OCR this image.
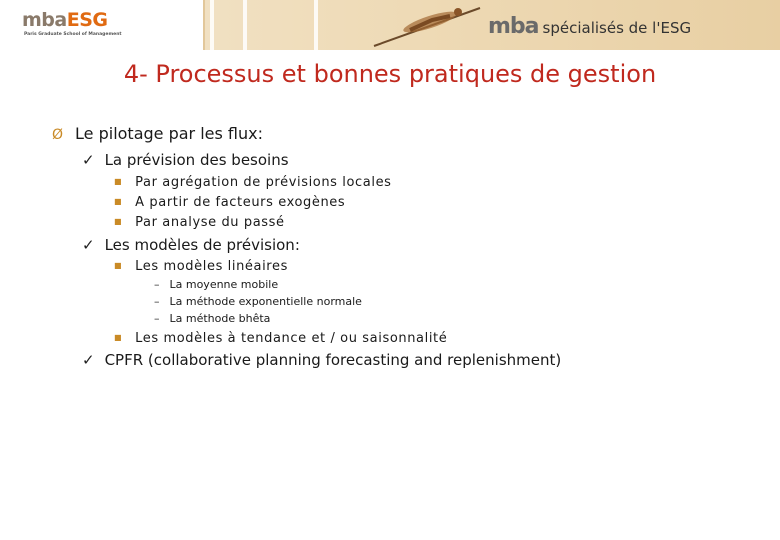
mbaESG
Paris Graduate School of Management	mba spécialisés de l'ESG
4- Processus et bonnes pratiques de gestion
Ø Le pilotage par les flux:
✓ La prévision des besoins
■ Par agrégation de prévisions locales
■ A partir de facteurs exogènes
■ Par analyse du passé
✓ Les modèles de prévision:
■ Les modèles linéaires
– La moyenne mobile
– La méthode exponentielle normale
– La méthode bhêta
■ Les modèles à tendance et / ou saisonnalité
✓ CPFR (collaborative planning forecasting and replenishment)
